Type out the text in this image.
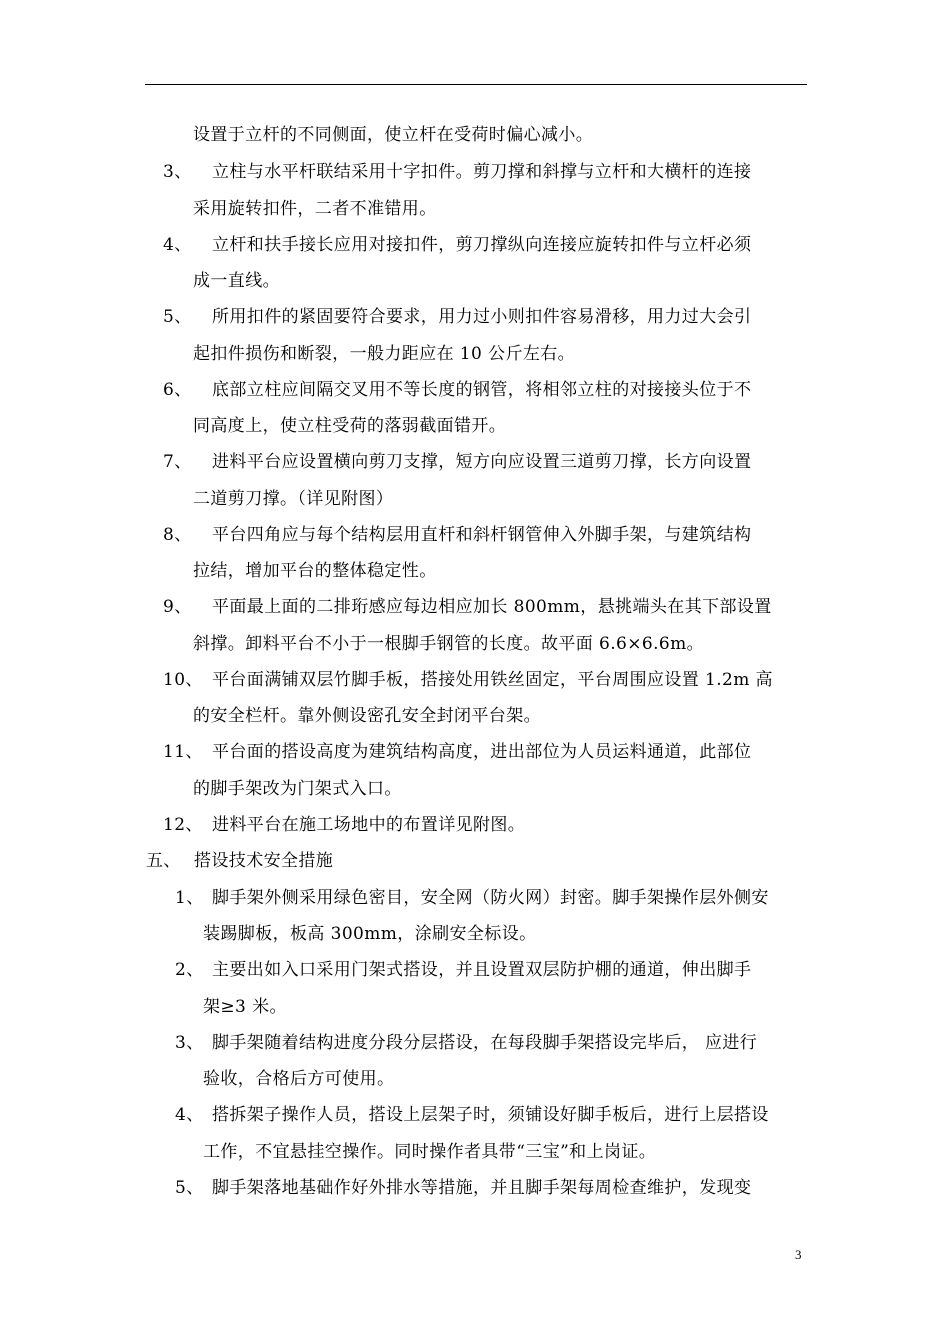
设置于立杆的不同侧面，使立杆在受荷时偏心减小。
3、 立柱与水平杆联结采用十字扣件。剪刀撑和斜撑与立杆和大横杆的连接
采用旋转扣件，二者不准错用。
4、 立杆和扶手接长应用对接扣件，剪刀撑纵向连接应旋转扣件与立杆必须
成一直线。
5、 所用扣件的紧固要符合要求，用力过小则扣件容易滑移，用力过大会引
起扣件损伤和断裂，一般力距应在 10 公斤左右。
6、 底部立柱应间隔交叉用不等长度的钢管，将相邻立柱的对接接头位于不
同高度上，使立柱受荷的落弱截面错开。
7、 进料平台应设置横向剪刀支撑，短方向应设置三道剪刀撑，长方向设置
二道剪刀撑。（详见附图）
8、 平台四角应与每个结构层用直杆和斜杆钢管伸入外脚手架，与建筑结构
拉结，增加平台的整体稳定性。
9、 平面最上面的二排珩感应每边相应加长 800mm，悬挑端头在其下部设置
斜撑。卸料平台不小于一根脚手钢管的长度。故平面 6.6×6.6m。
10、 平台面满铺双层竹脚手板，搭接处用铁丝固定，平台周围应设置 1.2m 高
的安全栏杆。靠外侧设密孔安全封闭平台架。
11、 平台面的搭设高度为建筑结构高度，进出部位为人员运料通道，此部位
的脚手架改为门架式入口。
12、 进料平台在施工场地中的布置详见附图。
五、 搭设技术安全措施
1、 脚手架外侧采用绿色密目，安全网（防火网）封密。脚手架操作层外侧安
装踢脚板，板高 300mm，涂刷安全标设。
2、 主要出如入口采用门架式搭设，并且设置双层防护棚的通道，伸出脚手
架≥3 米。
3、 脚手架随着结构进度分段分层搭设，在每段脚手架搭设完毕后， 应进行
验收，合格后方可使用。
4、 搭拆架子操作人员，搭设上层架子时，须铺设好脚手板后，进行上层搭设
工作，不宜悬挂空操作。同时操作者具带“三宝”和上岗证。
5、 脚手架落地基础作好外排水等措施，并且脚手架每周检查维护，发现变
3
